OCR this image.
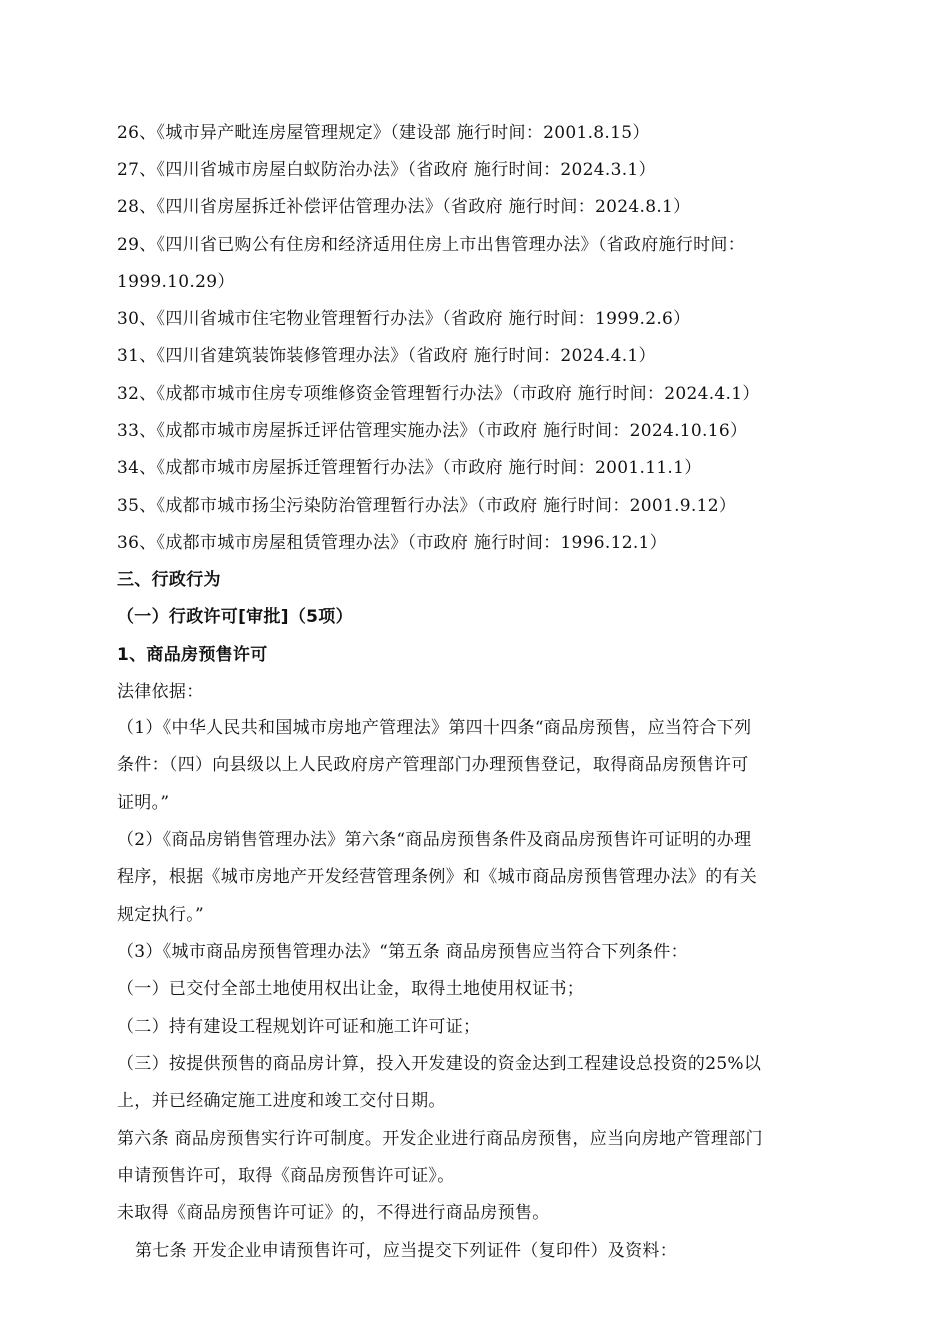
26、《城市异产毗连房屋管理规定》（建设部 施行时间：2001.8.15）
27、《四川省城市房屋白蚁防治办法》（省政府 施行时间：2024.3.1）
28、《四川省房屋拆迁补偿评估管理办法》（省政府 施行时间：2024.8.1）
29、《四川省已购公有住房和经济适用住房上市出售管理办法》（省政府施行时间：
1999.10.29）
30、《四川省城市住宅物业管理暂行办法》（省政府 施行时间：1999.2.6）
31、《四川省建筑装饰装修管理办法》（省政府 施行时间：2024.4.1）
32、《成都市城市住房专项维修资金管理暂行办法》（市政府 施行时间：2024.4.1）
33、《成都市城市房屋拆迁评估管理实施办法》（市政府 施行时间：2024.10.16）
34、《成都市城市房屋拆迁管理暂行办法》（市政府 施行时间：2001.11.1）
35、《成都市城市扬尘污染防治管理暂行办法》（市政府 施行时间：2001.9.12）
36、《成都市城市房屋租赁管理办法》（市政府 施行时间：1996.12.1）
三、行政行为
（一）行政许可[审批]（5项）
1、商品房预售许可
法律依据：
（1）《中华人民共和国城市房地产管理法》第四十四条“商品房预售，应当符合下列
条件：（四）向县级以上人民政府房产管理部门办理预售登记，取得商品房预售许可
证明。”
（2）《商品房销售管理办法》第六条“商品房预售条件及商品房预售许可证明的办理
程序，根据《城市房地产开发经营管理条例》和《城市商品房预售管理办法》的有关
规定执行。”
（3）《城市商品房预售管理办法》“第五条 商品房预售应当符合下列条件：
（一）已交付全部土地使用权出让金，取得土地使用权证书；
（二）持有建设工程规划许可证和施工许可证；
（三）按提供预售的商品房计算，投入开发建设的资金达到工程建设总投资的25%以
上，并已经确定施工进度和竣工交付日期。
第六条 商品房预售实行许可制度。开发企业进行商品房预售，应当向房地产管理部门
申请预售许可，取得《商品房预售许可证》。
未取得《商品房预售许可证》的，不得进行商品房预售。
第七条 开发企业申请预售许可，应当提交下列证件（复印件）及资料：
